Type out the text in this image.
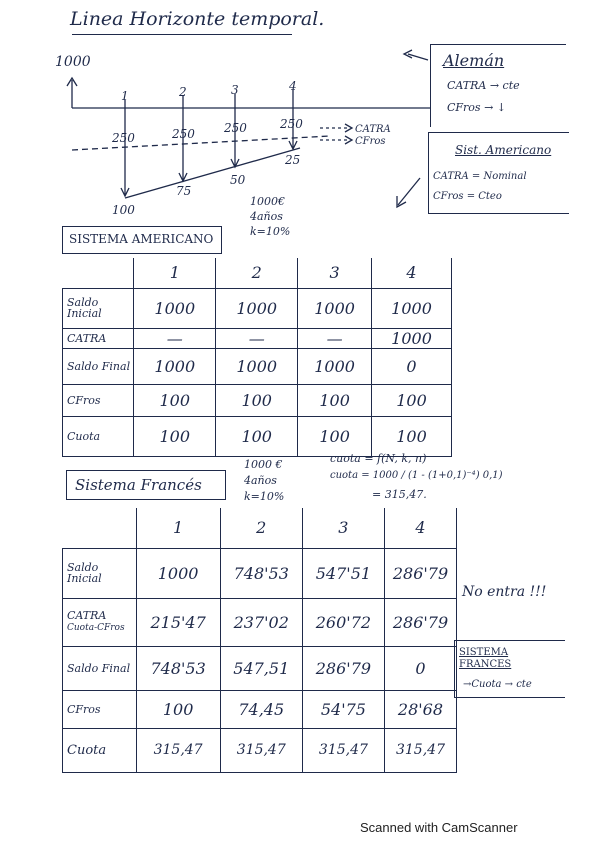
Linea Horizonte temporal.
1000
1	2	3	4
250	250 250	250
100
75
50
25
CATRA
CFros
1000€
4años
k=10%
Alemán
CATRA → cte
CFros → ↓
Sist. Americano
CATRA = Nominal
CFros = Cteo
SISTEMA AMERICANO
	1	2	3	4
Saldo Inicial	1000	1000	1000	1000
CATRA	—	—	—	1000
Saldo Final	1000	1000	1000	0
CFros	100	100	100	100
Cuota	100	100	100	100
Sistema Francés
1000 €
4años
k=10%
cuota = f(N, k, n)
cuota = 1000 / (1 - (1+0,1)⁻⁴) 0,1)
= 315,47.
	1	2	3	4
Saldo Inicial	1000	748'53	547'51	286'79
CATRA
Cuota-CFros	215'47	237'02	260'72	286'79
Saldo Final	748'53	547,51	286'79	0
CFros	100	74,45	54'75	28'68
Cuota	315,47	315,47	315,47	315,47
No entra !!!
SISTEMA FRANCES
→Cuota → cte
Scanned with CamScanner
